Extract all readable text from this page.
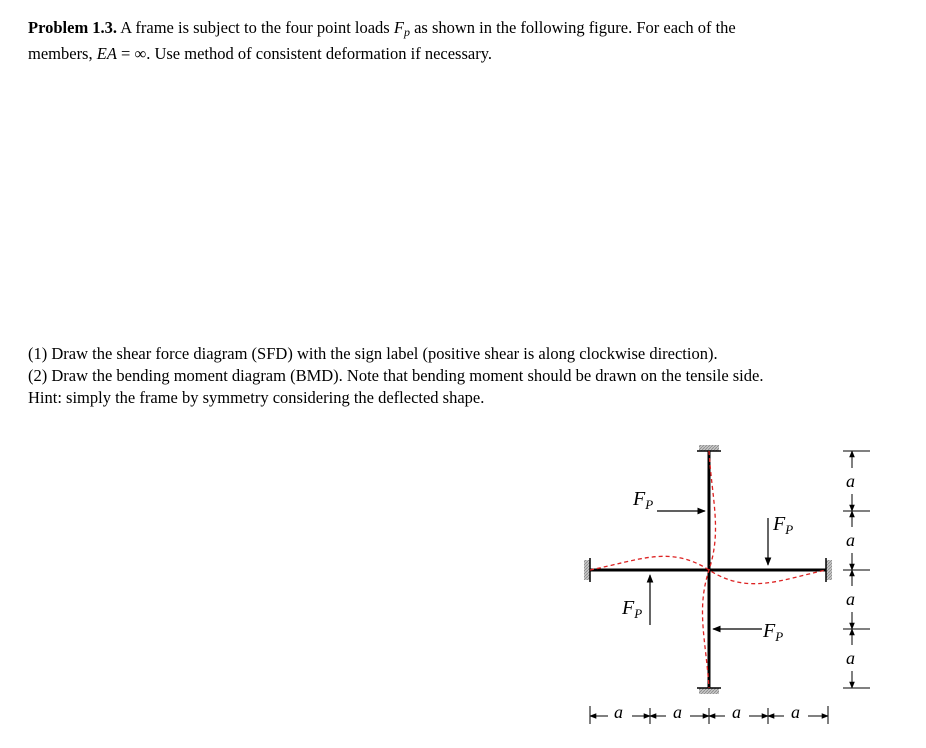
Problem 1.3. A frame is subject to the four point loads $F_p$ as shown in the following figure. For each of the
members, EA = ∞. Use method of consistent deformation if necessary.
(1) Draw the shear force diagram (SFD) with the sign label (positive shear is along clockwise direction).
(2) Draw the bending moment diagram (BMD). Note that bending moment should be drawn on the tensile side.
Hint: simply the frame by symmetry considering the deflected shape.
$F_P$
$F_P$
$F_P$
$F_P$
a	a	a	a
a
a
a
a
